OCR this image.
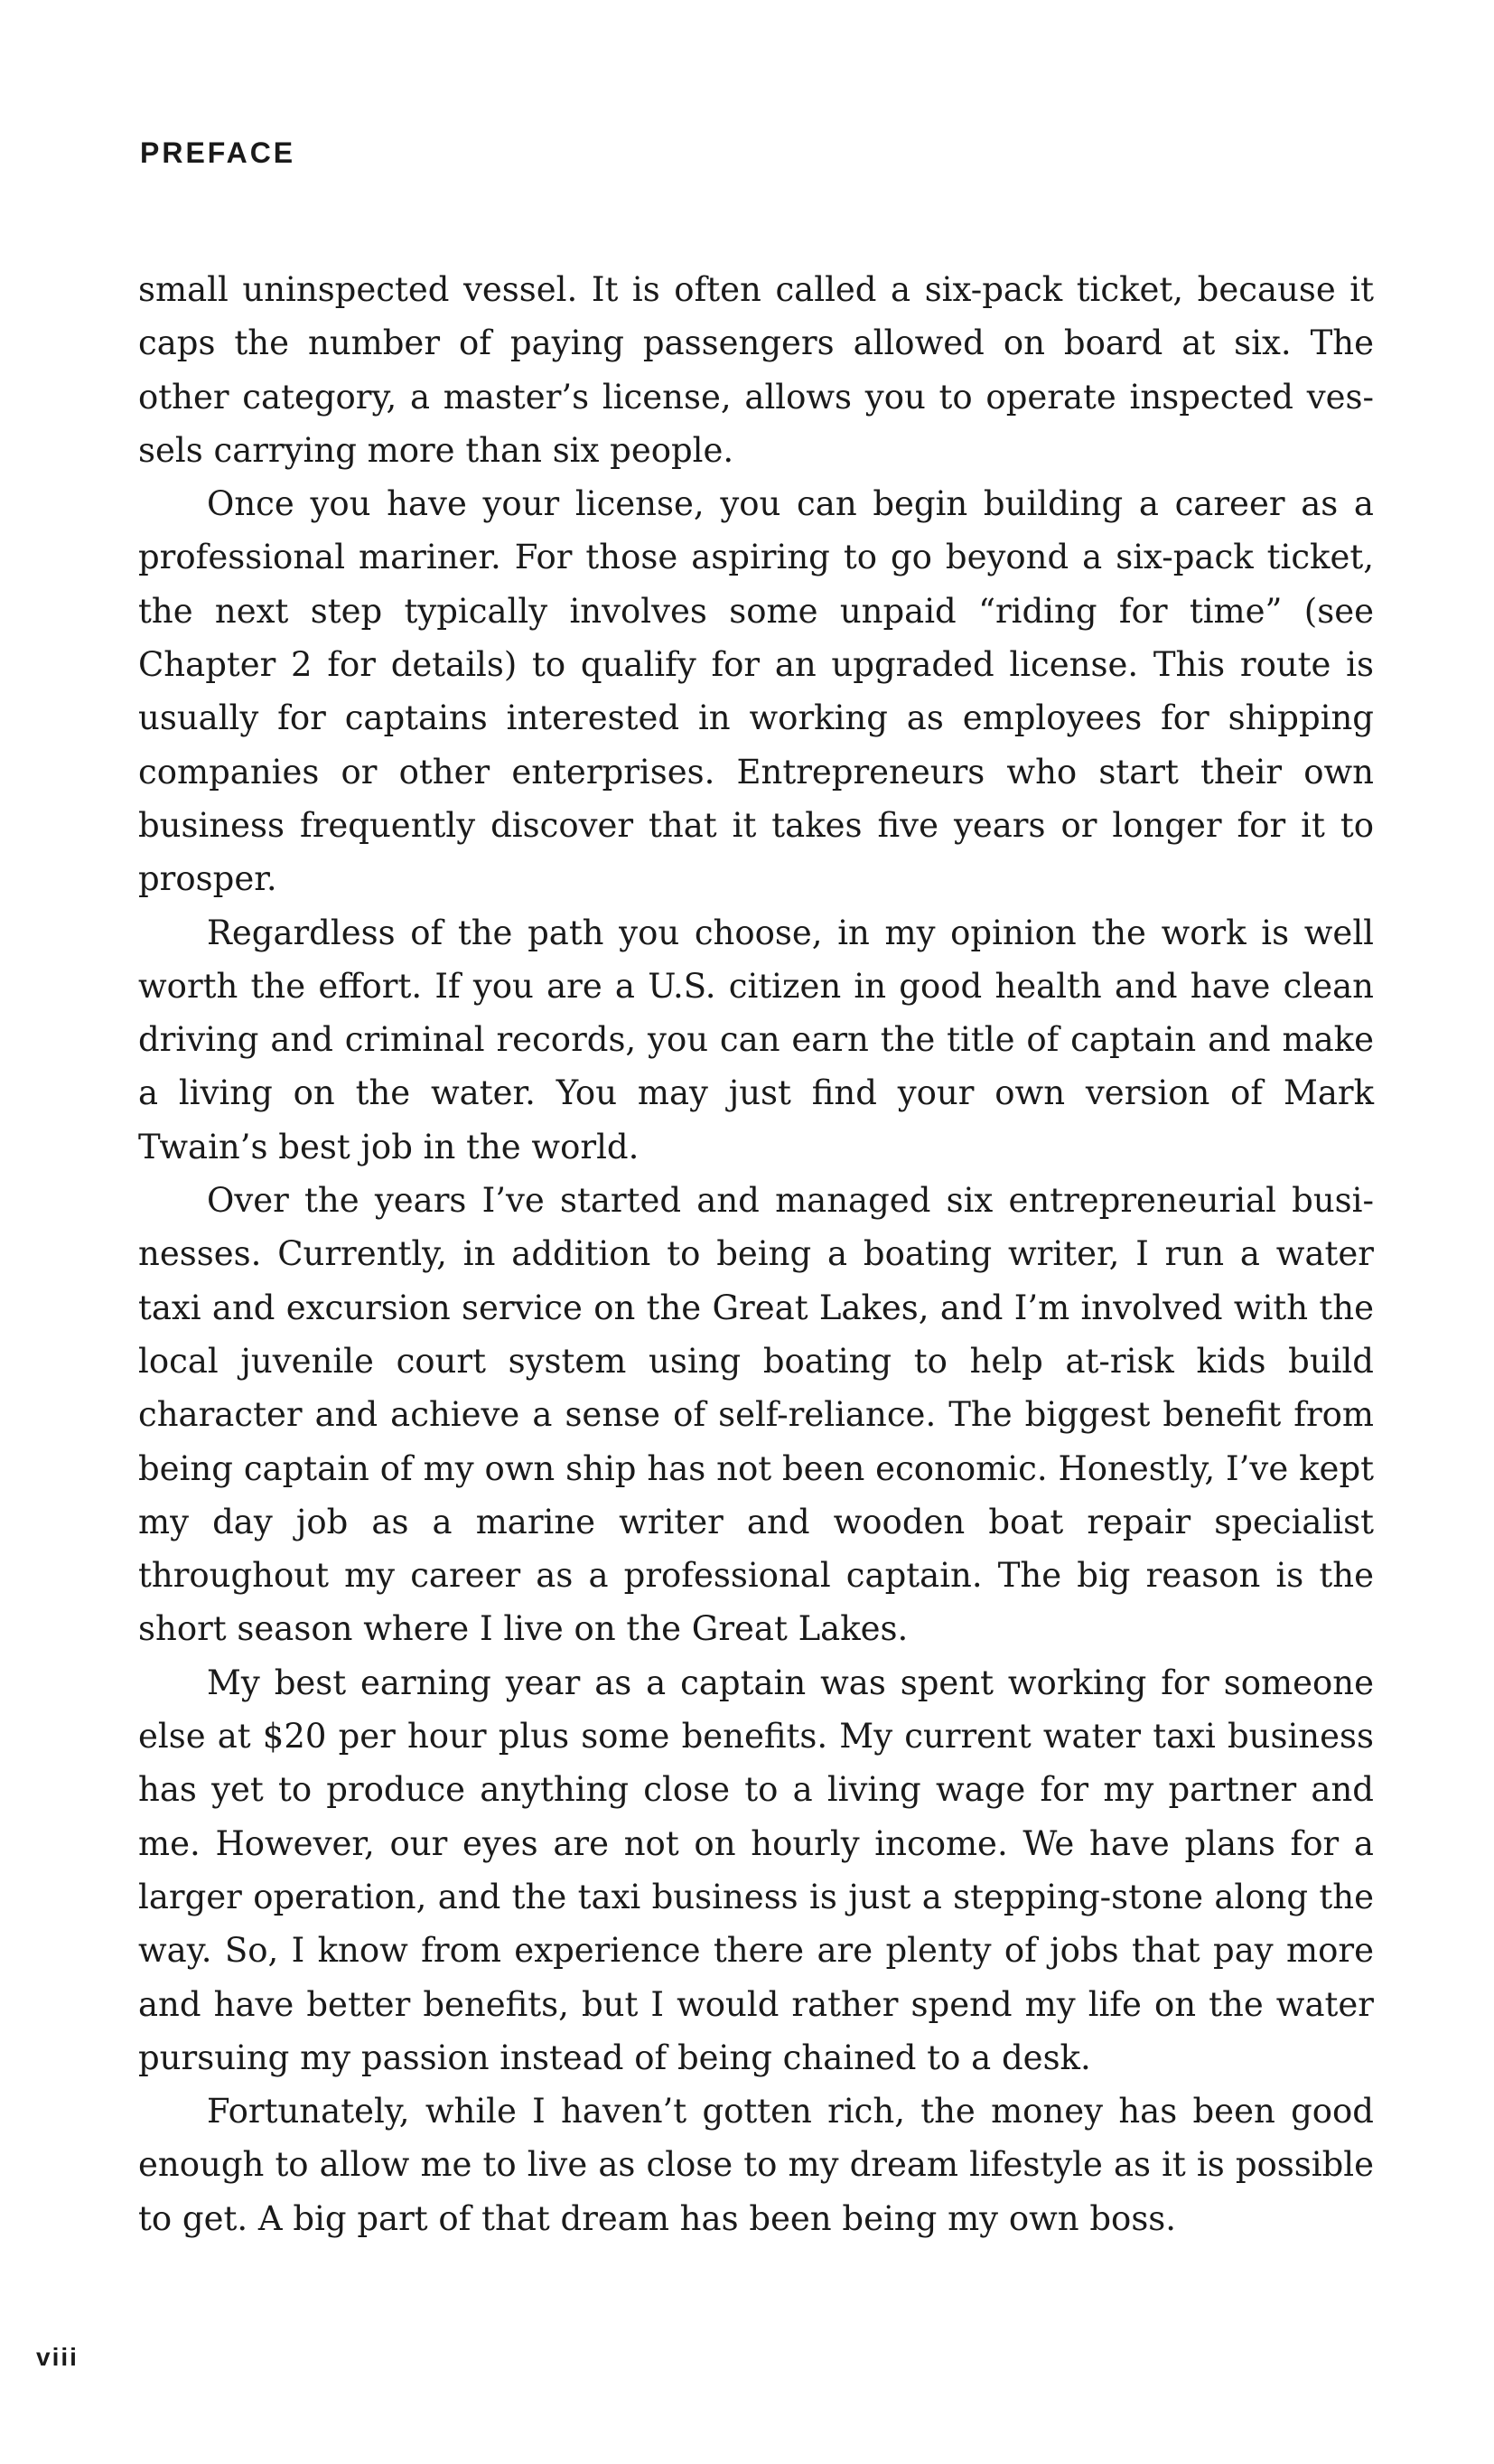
PREFACE

small uninspected vessel. It is often called a six-pack ticket, because it caps the number of paying passengers allowed on board at six. The other category, a master’s license, allows you to operate inspected vessels carrying more than six people.

Once you have your license, you can begin building a career as a professional mariner. For those aspiring to go beyond a six-pack ticket, the next step typically involves some unpaid “riding for time” (see Chapter 2 for details) to qualify for an upgraded license. This route is usually for captains interested in working as employees for shipping companies or other enterprises. Entrepreneurs who start their own business frequently discover that it takes five years or longer for it to prosper.

Regardless of the path you choose, in my opinion the work is well worth the effort. If you are a U.S. citizen in good health and have clean driving and criminal records, you can earn the title of captain and make a living on the water. You may just find your own version of Mark Twain’s best job in the world.

Over the years I’ve started and managed six entrepreneurial businesses. Currently, in addition to being a boating writer, I run a water taxi and excursion service on the Great Lakes, and I’m involved with the local juvenile court system using boating to help at-risk kids build character and achieve a sense of self-reliance. The biggest benefit from being captain of my own ship has not been economic. Honestly, I’ve kept my day job as a marine writer and wooden boat repair specialist throughout my career as a professional captain. The big reason is the short season where I live on the Great Lakes.

My best earning year as a captain was spent working for someone else at $20 per hour plus some benefits. My current water taxi business has yet to produce anything close to a living wage for my partner and me. However, our eyes are not on hourly income. We have plans for a larger operation, and the taxi business is just a stepping-stone along the way. So, I know from experience there are plenty of jobs that pay more and have better benefits, but I would rather spend my life on the water pursuing my passion instead of being chained to a desk.

Fortunately, while I haven’t gotten rich, the money has been good enough to allow me to live as close to my dream lifestyle as it is possible to get. A big part of that dream has been being my own boss.

viii
